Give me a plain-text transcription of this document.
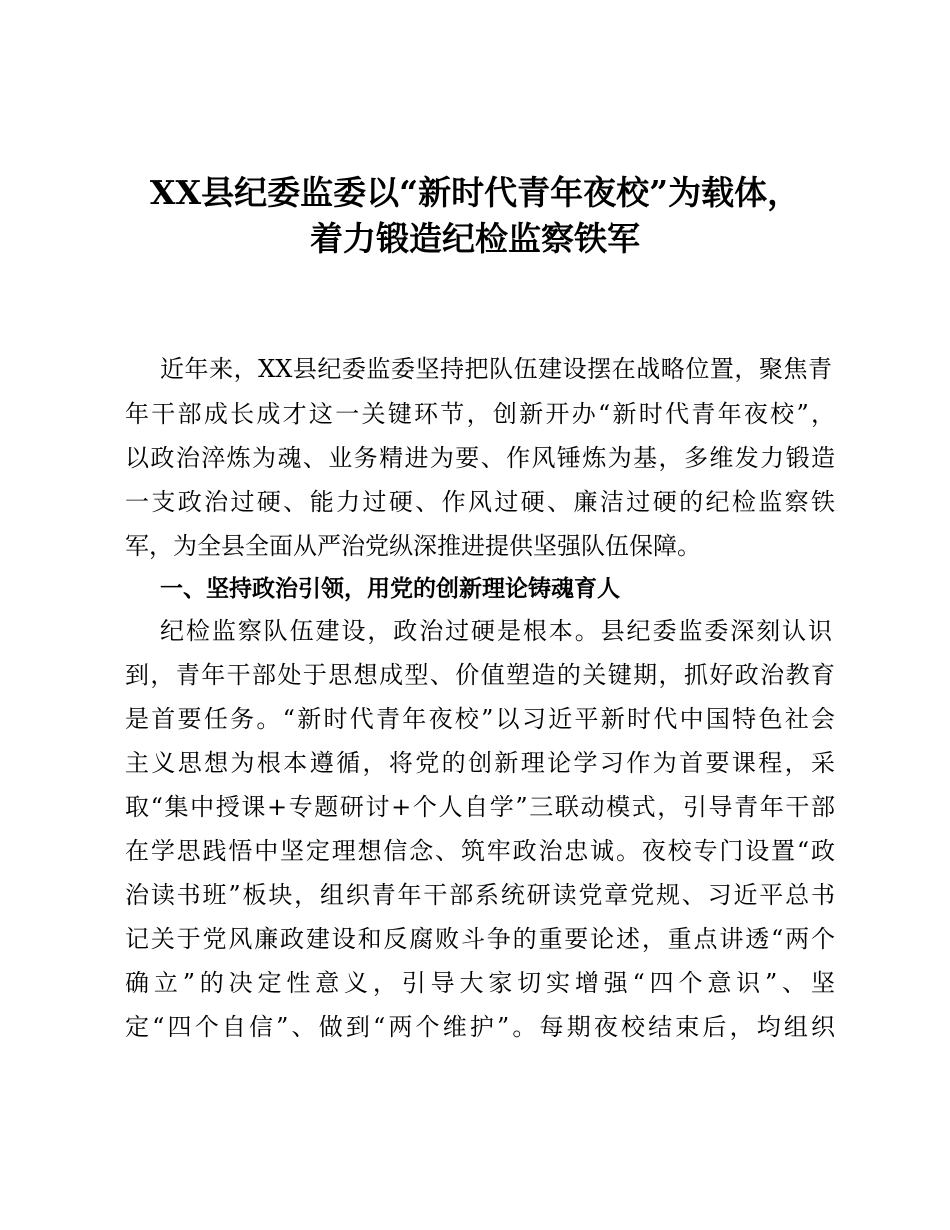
XX县纪委监委以“新时代青年夜校”为载体，
着力锻造纪检监察铁军
近年来，XX县纪委监委坚持把队伍建设摆在战略位置，聚焦青
年干部成长成才这一关键环节，创新开办“新时代青年夜校”，
以政治淬炼为魂、业务精进为要、作风锤炼为基，多维发力锻造
一支政治过硬、能力过硬、作风过硬、廉洁过硬的纪检监察铁
军，为全县全面从严治党纵深推进提供坚强队伍保障。
一、坚持政治引领，用党的创新理论铸魂育人
纪检监察队伍建设，政治过硬是根本。县纪委监委深刻认识
到，青年干部处于思想成型、价值塑造的关键期，抓好政治教育
是首要任务。“新时代青年夜校”以习近平新时代中国特色社会
主义思想为根本遵循，将党的创新理论学习作为首要课程，采
取“集中授课+专题研讨+个人自学”三联动模式，引导青年干部
在学思践悟中坚定理想信念、筑牢政治忠诚。夜校专门设置“政
治读书班”板块，组织青年干部系统研读党章党规、习近平总书
记关于党风廉政建设和反腐败斗争的重要论述，重点讲透“两个
确立”的决定性意义，引导大家切实增强“四个意识”、坚
定“四个自信”、做到“两个维护”。每期夜校结束后，均组织
